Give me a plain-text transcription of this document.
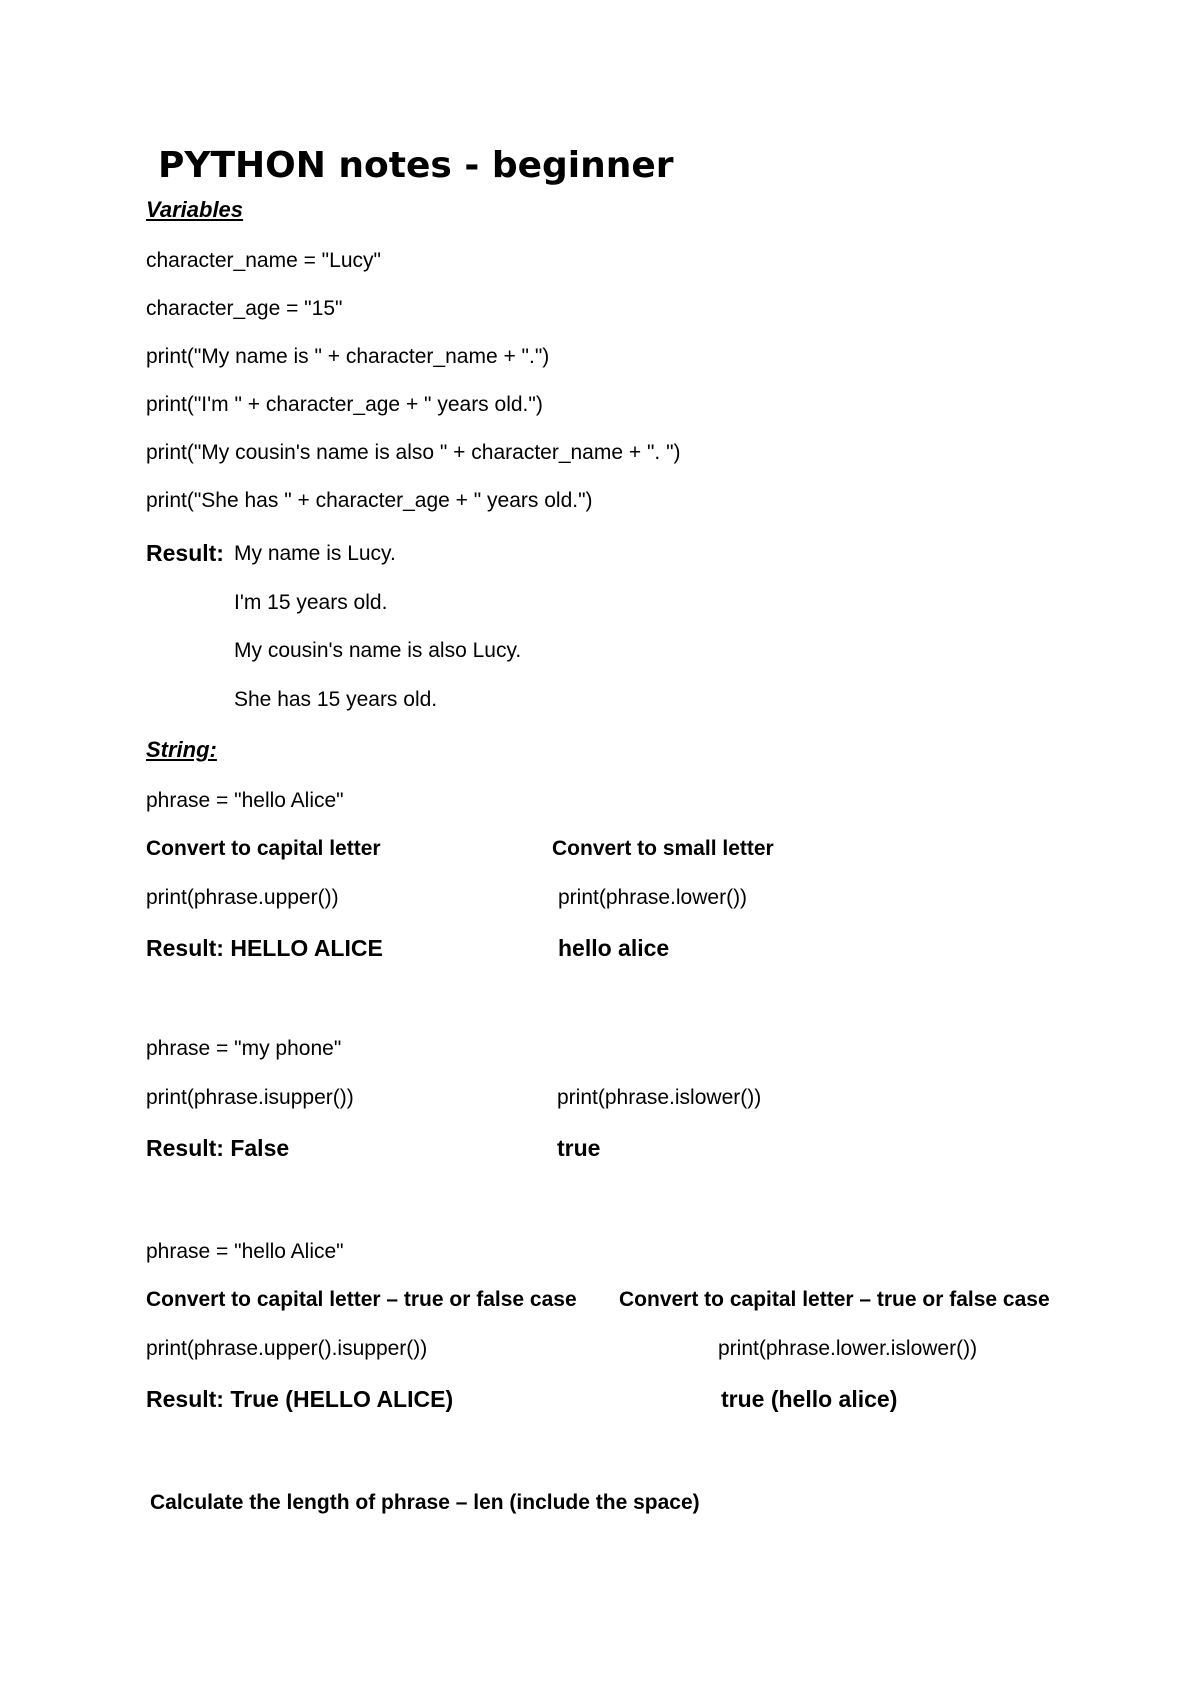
PYTHON notes - beginner
Variables
character_name = "Lucy"
character_age = "15"
print("My name is " + character_name + ".")
print("I'm " + character_age + " years old.")
print("My cousin's name is also " + character_name + ". ")
print("She has " + character_age + " years old.")
Result: My name is Lucy.
I'm 15 years old.
My cousin's name is also Lucy.
She has 15 years old.
String:
phrase = "hello Alice"
Convert to capital letter	Convert to small letter
print(phrase.upper())	print(phrase.lower())
Result: HELLO ALICE	hello alice
phrase = "my phone"
print(phrase.isupper())	print(phrase.islower())
Result: False	true
phrase = "hello Alice"
Convert to capital letter – true or false case Convert to capital letter – true or false case
print(phrase.upper().isupper())	print(phrase.lower.islower())
Result: True (HELLO ALICE)	true (hello alice)
Calculate the length of phrase – len (include the space)
